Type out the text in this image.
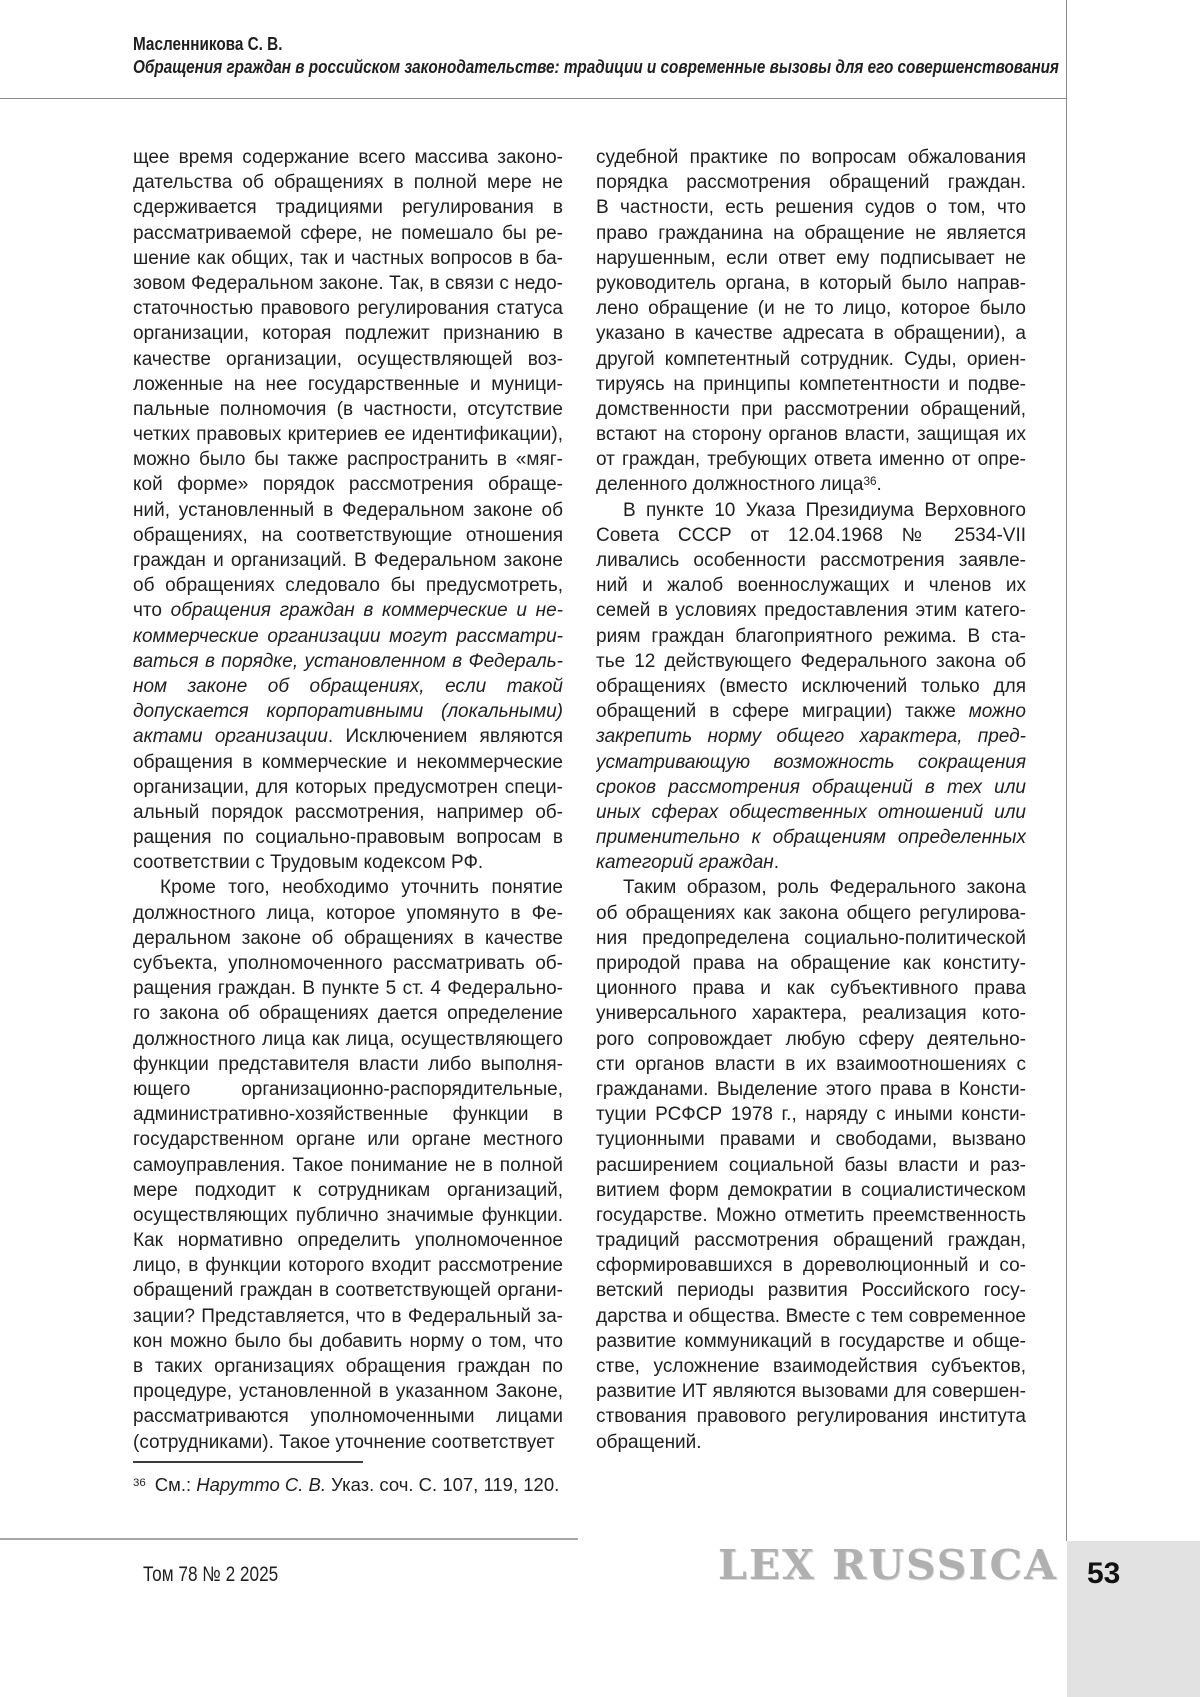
Масленникова С. В.
Обращения граждан в российском законодательстве: традиции и современные вызовы для его совершенствования
щее время содержание всего массива законо-
дательства об обращениях в полной мере не
сдерживается традициями регулирования в
рассматриваемой сфере, не помешало бы ре-
шение как общих, так и частных вопросов в ба-
зовом Федеральном законе. Так, в связи с недо-
статочностью правового регулирования статуса
организации, которая подлежит признанию в
качестве организации, осуществляющей воз-
ложенные на нее государственные и муници-
пальные полномочия (в частности, отсутствие
четких правовых критериев ее идентификации),
можно было бы также распространить в «мяг-
кой форме» порядок рассмотрения обраще-
ний, установленный в Федеральном законе об
обращениях, на соответствующие отношения
граждан и организаций. В Федеральном законе
об обращениях следовало бы предусмотреть,
что обращения граждан в коммерческие и не-
коммерческие организации могут рассматри-
ваться в порядке, установленном в Федераль-
ном законе об обращениях, если такой
допускается корпоративными (локальными)
актами организации. Исключением являются
обращения в коммерческие и некоммерческие
организации, для которых предусмотрен специ-
альный порядок рассмотрения, например об-
ращения по социально-правовым вопросам в
соответствии с Трудовым кодексом РФ.
Кроме того, необходимо уточнить понятие
должностного лица, которое упомянуто в Фе-
деральном законе об обращениях в качестве
субъекта, уполномоченного рассматривать об-
ращения граждан. В пункте 5 ст. 4 Федерально-
го закона об обращениях дается определение
должностного лица как лица, осуществляющего
функции представителя власти либо выполня-
ющего организационно-распорядительные,
административно-хозяйственные функции в
государственном органе или органе местного
самоуправления. Такое понимание не в полной
мере подходит к сотрудникам организаций,
осуществляющих публично значимые функции.
Как нормативно определить уполномоченное
лицо, в функции которого входит рассмотрение
обращений граждан в соответствующей органи-
зации? Представляется, что в Федеральный за-
кон можно было бы добавить норму о том, что
в таких организациях обращения граждан по
процедуре, установленной в указанном Законе,
рассматриваются уполномоченными лицами
(сотрудниками). Такое уточнение соответствует
судебной практике по вопросам обжалования
порядка рассмотрения обращений граждан.
В частности, есть решения судов о том, что
право гражданина на обращение не является
нарушенным, если ответ ему подписывает не
руководитель органа, в который было направ-
лено обращение (и не то лицо, которое было
указано в качестве адресата в обращении), а
другой компетентный сотрудник. Суды, ориен-
тируясь на принципы компетентности и подве-
домственности при рассмотрении обращений,
встают на сторону органов власти, защищая их
от граждан, требующих ответа именно от опре-
деленного должностного лица$^{36}$.
В пункте 10 Указа Президиума Верховного
Совета СССР от 12.04.1968 № 2534-VII
ливались особенности рассмотрения заявле-
ний и жалоб военнослужащих и членов их
семей в условиях предоставления этим катего-
риям граждан благоприятного режима. В ста-
тье 12 действующего Федерального закона об
обращениях (вместо исключений только для
обращений в сфере миграции) также можно
закрепить норму общего характера, пред-
усматривающую возможность сокращения
сроков рассмотрения обращений в тех или
иных сферах общественных отношений или
применительно к обращениям определенных
категорий граждан.
Таким образом, роль Федерального закона
об обращениях как закона общего регулирова-
ния предопределена социально-политической
природой права на обращение как конститу-
ционного права и как субъективного права
универсального характера, реализация кото-
рого сопровождает любую сферу деятельно-
сти органов власти в их взаимоотношениях с
гражданами. Выделение этого права в Консти-
туции РСФСР 1978 г., наряду с иными консти-
туционными правами и свободами, вызвано
расширением социальной базы власти и раз-
витием форм демократии в социалистическом
государстве. Можно отметить преемственность
традиций рассмотрения обращений граждан,
сформировавшихся в дореволюционный и со-
ветский периоды развития Российского госу-
дарства и общества. Вместе с тем современное
развитие коммуникаций в государстве и обще-
стве, усложнение взаимодействия субъектов,
развитие ИТ являются вызовами для совершен-
ствования правового регулирования института
обращений.
$^{36}$ См.: Нарутто С. В. Указ. соч. С. 107, 119, 120.
Том 78 № 2 2025	LEX RUSSICA 53
